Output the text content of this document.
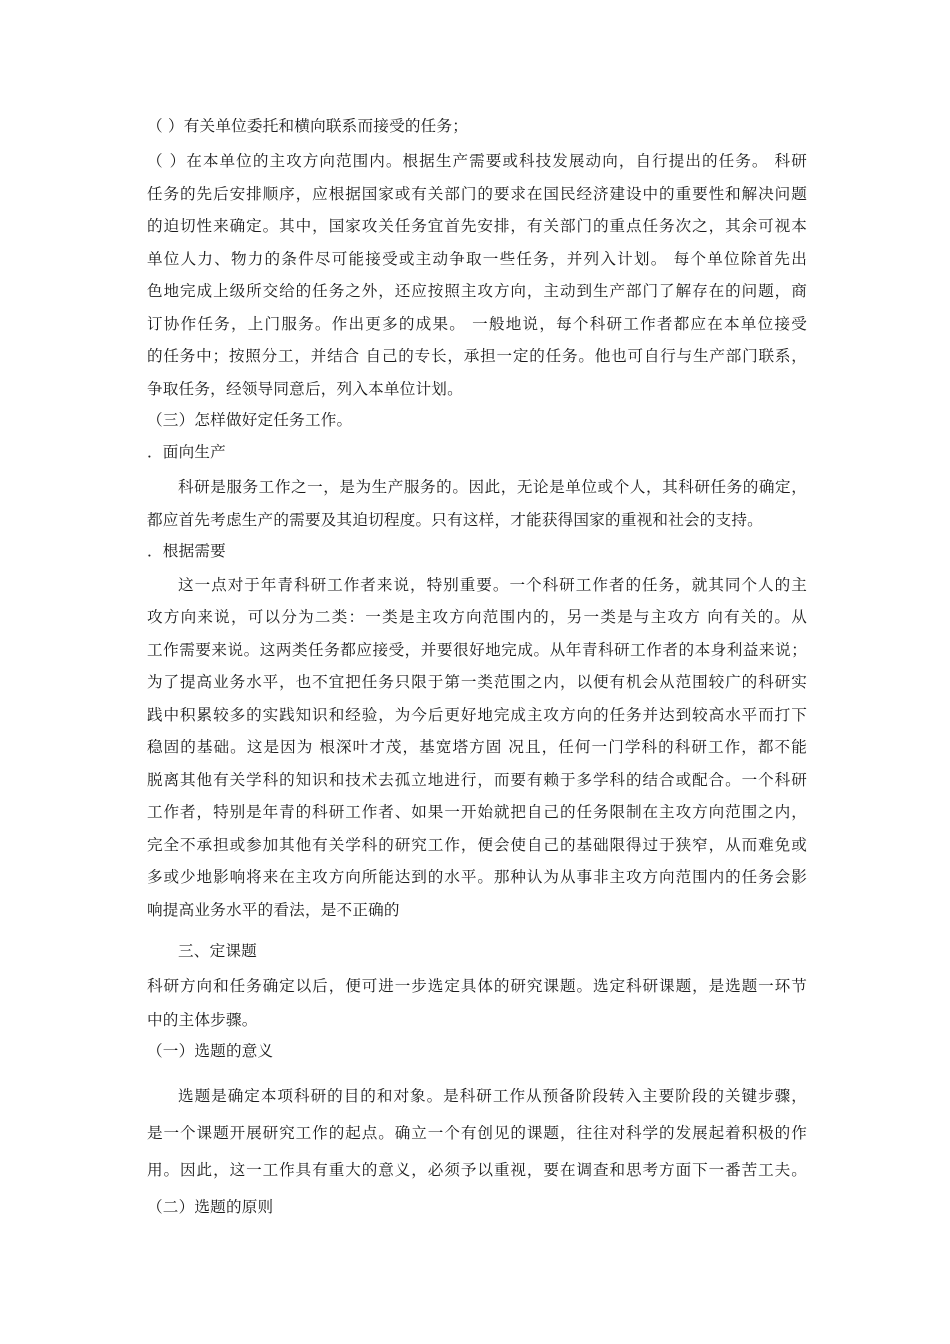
（ ）有关单位委托和横向联系而接受的任务；
（ ）在本单位的主攻方向范围内。根据生产需要或科技发展动向，自行提出的任务。 科研
任务的先后安排顺序，应根据国家或有关部门的要求在国民经济建设中的重要性和解决问题
的迫切性来确定。其中，国家攻关任务宜首先安排，有关部门的重点任务次之，其余可视本
单位人力、物力的条件尽可能接受或主动争取一些任务，并列入计划。 每个单位除首先出
色地完成上级所交给的任务之外，还应按照主攻方向，主动到生产部门了解存在的问题，商
订协作任务，上门服务。作出更多的成果。 一般地说，每个科研工作者都应在本单位接受
的任务中；按照分工，并结合 自己的专长，承担一定的任务。他也可自行与生产部门联系，
争取任务，经领导同意后，列入本单位计划。
（三）怎样做好定任务工作。
．面向生产
科研是服务工作之一，是为生产服务的。因此，无论是单位或个人，其科研任务的确定，
都应首先考虑生产的需要及其迫切程度。只有这样，才能获得国家的重视和社会的支持。
．根据需要
这一点对于年青科研工作者来说，特别重要。一个科研工作者的任务，就其同个人的主
攻方向来说，可以分为二类：一类是主攻方向范围内的，另一类是与主攻方 向有关的。从
工作需要来说。这两类任务都应接受，并要很好地完成。从年青科研工作者的本身利益来说；
为了提高业务水平，也不宜把任务只限于第一类范围之内，以便有机会从范围较广的科研实
践中积累较多的实践知识和经验，为今后更好地完成主攻方向的任务并达到较高水平而打下
稳固的基础。这是因为 根深叶才茂，基宽塔方固 况且，任何一门学科的科研工作，都不能
脱离其他有关学科的知识和技术去孤立地进行，而要有赖于多学科的结合或配合。一个科研
工作者，特别是年青的科研工作者、如果一开始就把自己的任务限制在主攻方向范围之内，
完全不承担或参加其他有关学科的研究工作，便会使自己的基础限得过于狭窄，从而难免或
多或少地影响将来在主攻方向所能达到的水平。那种认为从事非主攻方向范围内的任务会影
响提高业务水平的看法，是不正确的
三、定课题
科研方向和任务确定以后，便可进一步选定具体的研究课题。选定科研课题，是选题一环节
中的主体步骤。
（一）选题的意义
选题是确定本项科研的目的和对象。是科研工作从预备阶段转入主要阶段的关键步骤，
是一个课题开展研究工作的起点。确立一个有创见的课题，往往对科学的发展起着积极的作
用。因此，这一工作具有重大的意义，必须予以重视，要在调查和思考方面下一番苦工夫。
（二）选题的原则
